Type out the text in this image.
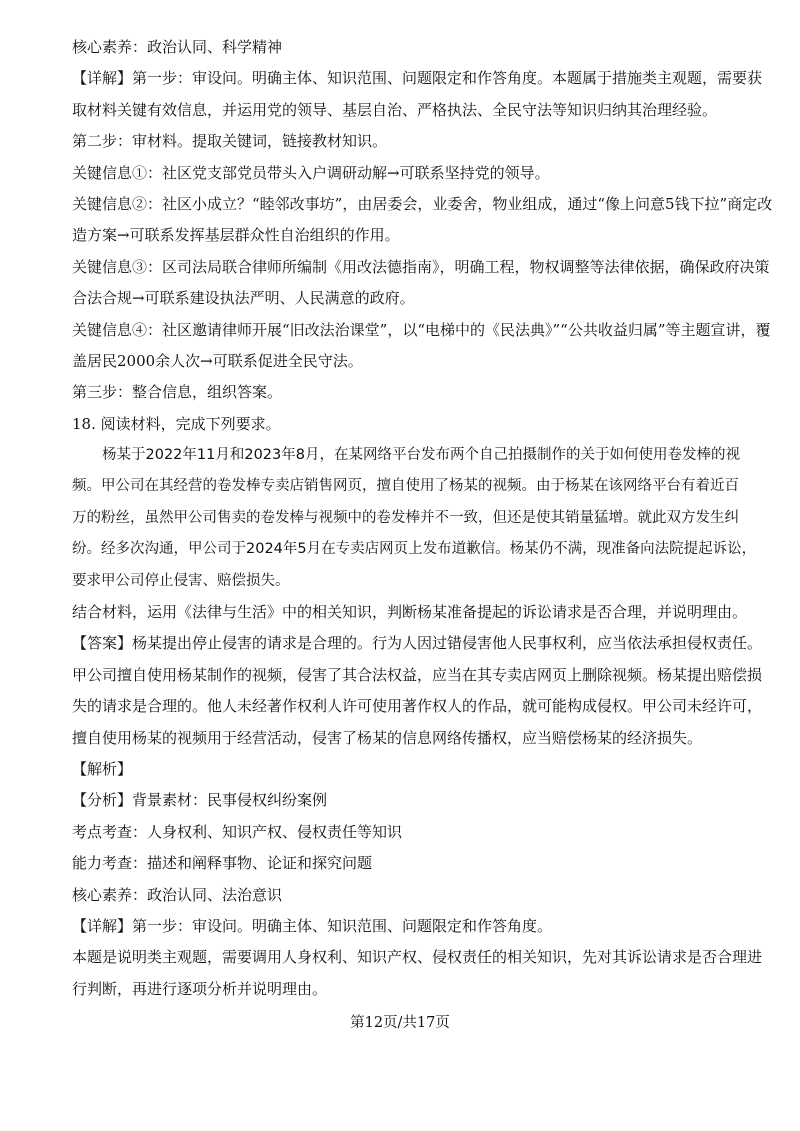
核心素养：政治认同、科学精神
【详解】第一步：审设问。明确主体、知识范围、问题限定和作答角度。本题属于措施类主观题，需要获
取材料关键有效信息，并运用党的领导、基层自治、严格执法、全民守法等知识归纳其治理经验。
第二步：审材料。提取关键词，链接教材知识。
关键信息①：社区党支部党员带头入户调研动解→可联系坚持党的领导。
关键信息②：社区小成立？“睦邻改事坊”，由居委会，业委舍，物业组成，通过“像上问意5钱下拉”商定改
造方案→可联系发挥基层群众性自治组织的作用。
关键信息③：区司法局联合律师所编制《用改法德指南》，明确工程，物权调整等法律依据，确保政府决策
合法合规→可联系建设执法严明、人民满意的政府。
关键信息④：社区邀请律师开展“旧改法治课堂”，以“电梯中的《民法典》”“公共收益归属”等主题宣讲，覆
盖居民2000余人次→可联系促进全民守法。
第三步：整合信息，组织答案。
18. 阅读材料，完成下列要求。
杨某于2022年11月和2023年8月，在某网络平台发布两个自己拍摄制作的关于如何使用卷发棒的视
频。甲公司在其经营的卷发棒专卖店销售网页，擅自使用了杨某的视频。由于杨某在该网络平台有着近百
万的粉丝，虽然甲公司售卖的卷发棒与视频中的卷发棒并不一致，但还是使其销量猛增。就此双方发生纠
纷。经多次沟通，甲公司于2024年5月在专卖店网页上发布道歉信。杨某仍不满，现准备向法院提起诉讼，
要求甲公司停止侵害、赔偿损失。
结合材料，运用《法律与生活》中的相关知识，判断杨某准备提起的诉讼请求是否合理，并说明理由。
【答案】杨某提出停止侵害的请求是合理的。行为人因过错侵害他人民事权利，应当依法承担侵权责任。
甲公司擅自使用杨某制作的视频，侵害了其合法权益，应当在其专卖店网页上删除视频。杨某提出赔偿损
失的请求是合理的。他人未经著作权利人许可使用著作权人的作品，就可能构成侵权。甲公司未经许可，
擅自使用杨某的视频用于经营活动，侵害了杨某的信息网络传播权，应当赔偿杨某的经济损失。
【解析】
【分析】背景素材：民事侵权纠纷案例
考点考查：人身权利、知识产权、侵权责任等知识
能力考查：描述和阐释事物、论证和探究问题
核心素养：政治认同、法治意识
【详解】第一步：审设问。明确主体、知识范围、问题限定和作答角度。
本题是说明类主观题，需要调用人身权利、知识产权、侵权责任的相关知识，先对其诉讼请求是否合理进
行判断，再进行逐项分析并说明理由。
第12页/共17页
